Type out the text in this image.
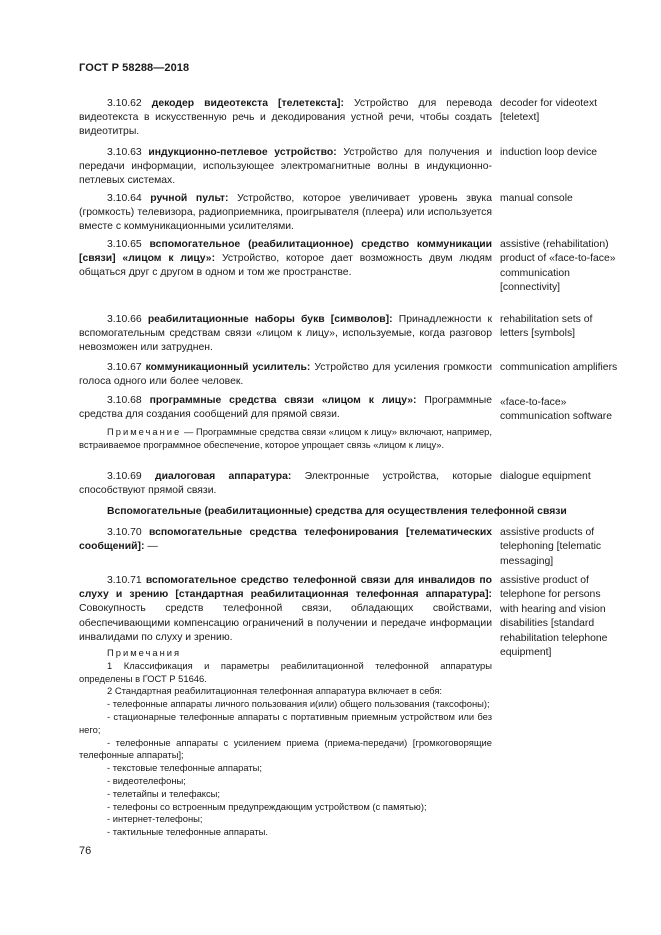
ГОСТ Р 58288—2018
3.10.62 декодер видеотекста [телетекста]: Устройство для перевода видеотекста в искусственную речь и декодирования устной речи, чтобы создать видеотитры.
decoder for videotext [teletext]
3.10.63 индукционно-петлевое устройство: Устройство для получения и передачи информации, использующее электромагнитные волны в индукционно-петлевых системах.
induction loop device
3.10.64 ручной пульт: Устройство, которое увеличивает уровень звука (громкость) телевизора, радиоприемника, проигрывателя (плеера) или используется вместе с коммуникационными усилителями.
manual console
3.10.65 вспомогательное (реабилитационное) средство коммуникации [связи] «лицом к лицу»: Устройство, которое дает возможность двум людям общаться друг с другом в одном и том же пространстве.
assistive (rehabilitation) product of «face-to-face» communication [connectivity]
3.10.66 реабилитационные наборы букв [символов]: Принадлежности к вспомогательным средствам связи «лицом к лицу», используемые, когда разговор невозможен или затруднен.
rehabilitation sets of letters [symbols]
3.10.67 коммуникационный усилитель: Устройство для усиления громкости голоса одного или более человек.
communication amplifiers
3.10.68 программные средства связи «лицом к лицу»: Программные средства для создания сообщений для прямой связи.
«face-to-face» communication software
Примечание — Программные средства связи «лицом к лицу» включают, например, встраиваемое программное обеспечение, которое упрощает связь «лицом к лицу».
3.10.69 диалоговая аппаратура: Электронные устройства, которые способствуют прямой связи.
dialogue equipment
Вспомогательные (реабилитационные) средства для осуществления телефонной связи
3.10.70 вспомогательные средства телефонирования [телематических сообщений]: —
assistive products of telephoning [telematic messaging]
3.10.71 вспомогательное средство телефонной связи для инвалидов по слуху и зрению [стандартная реабилитационная телефонная аппаратура]: Совокупность средств телефонной связи, обладающих свойствами, обеспечивающими компенсацию ограничений в получении и передаче информации инвалидами по слуху и зрению.
assistive product of telephone for persons with hearing and vision disabilities [standard rehabilitation telephone equipment]
Примечания
1 Классификация и параметры реабилитационной телефонной аппаратуры определены в ГОСТ Р 51646.
2 Стандартная реабилитационная телефонная аппаратура включает в себя:
- телефонные аппараты личного пользования и(или) общего пользования (таксофоны);
- стационарные телефонные аппараты с портативным приемным устройством или без него;
- телефонные аппараты с усилением приема (приема-передачи) [громкоговорящие телефонные аппараты];
- текстовые телефонные аппараты;
- видеотелефоны;
- телетайпы и телефаксы;
- телефоны со встроенным предупреждающим устройством (с памятью);
- интернет-телефоны;
- тактильные телефонные аппараты.
76
